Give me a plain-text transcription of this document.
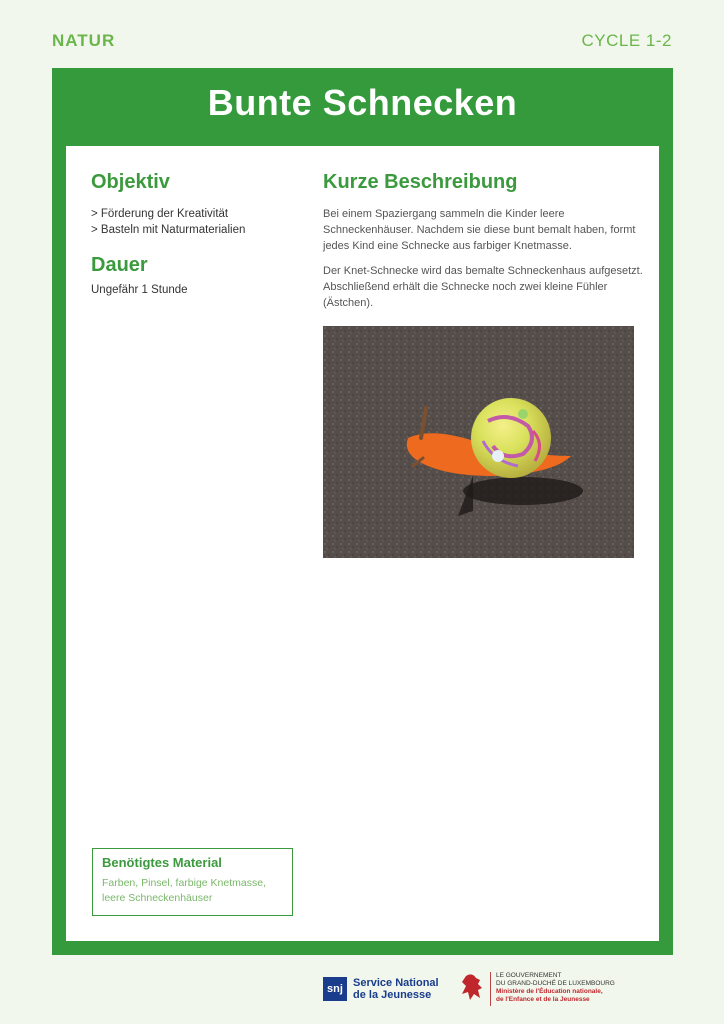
NATUR	CYCLE 1-2
Bunte Schnecken
Objektiv
> Förderung der Kreativität
> Basteln mit Naturmaterialien
Dauer
Ungefähr 1 Stunde
Kurze Beschreibung

Bei einem Spaziergang sammeln die Kinder leere Schneckenhäuser. Nachdem sie diese bunt bemalt haben, formt jedes Kind eine Schnecke aus farbiger Knetmasse.

Der Knet-Schnecke wird das bemalte Schneckenhaus aufgesetzt. Abschließend erhält die Schnecke noch zwei kleine Fühler (Ästchen).

Benötigtes Material
Farben, Pinsel, farbige Knetmasse, leere Schneckenhäuser
snj Service National
de la Jeunesse
LE GOUVERNEMENT
DU GRAND-DUCHÉ DE LUXEMBOURG
Ministère de l'Éducation nationale,
de l'Enfance et de la Jeunesse
